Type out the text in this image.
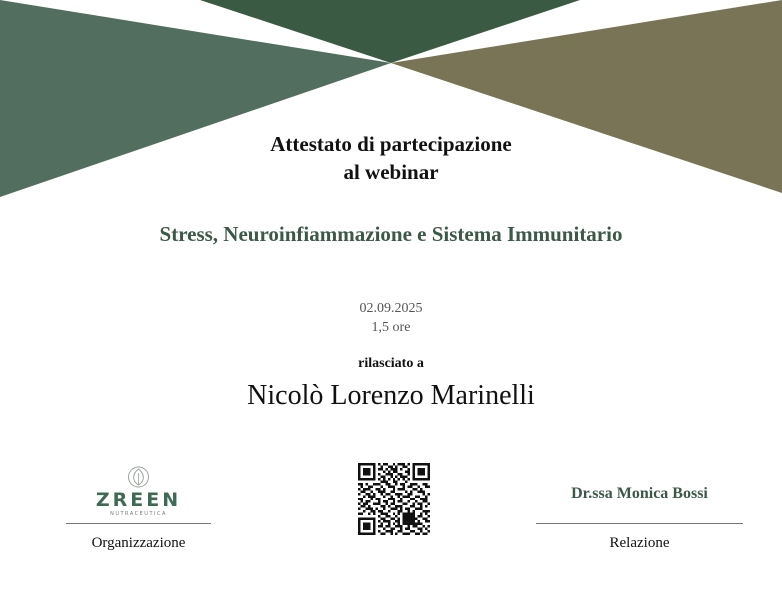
Attestato di partecipazione
al webinar
Stress, Neuroinfiammazione e Sistema Immunitario
02.09.2025
1,5 ore
rilasciato a
Nicolò Lorenzo Marinelli
ZREEN
NUTRACEUTICA
Organizzazione
Dr.ssa Monica Bossi
Relazione
